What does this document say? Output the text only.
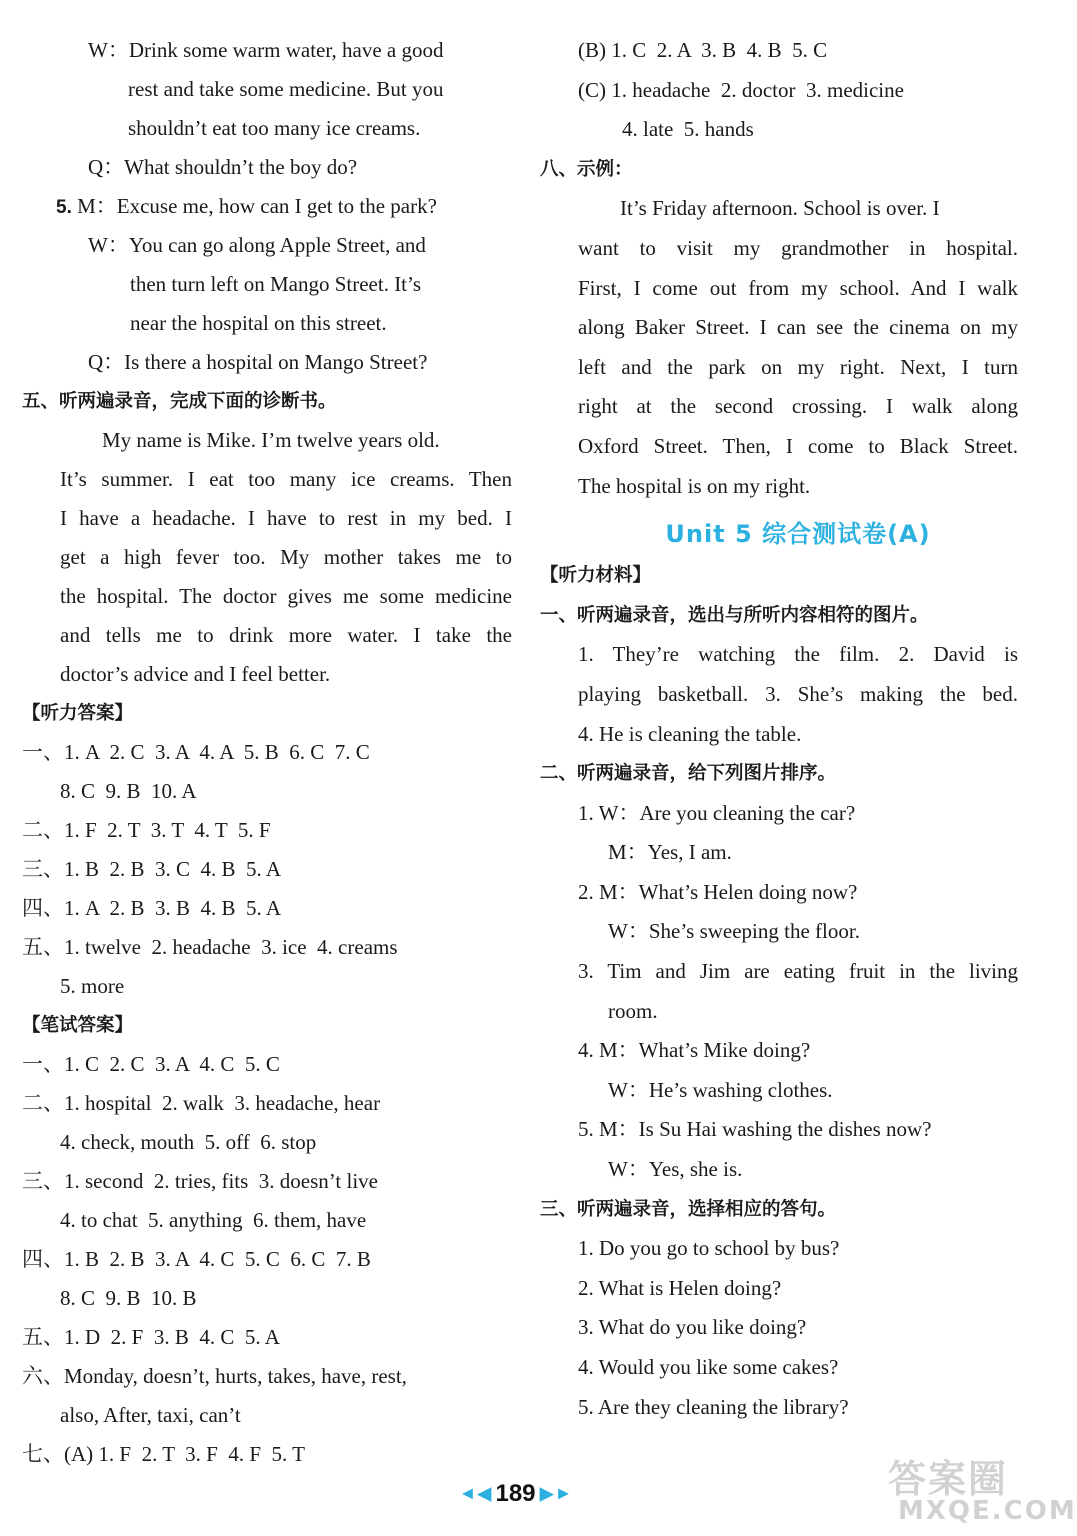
W：Drink some warm water, have a good
rest and take some medicine. But you
shouldn’t eat too many ice creams.
Q：What shouldn’t the boy do?
5. M：Excuse me, how can I get to the park?
W：You can go along Apple Street, and
then turn left on Mango Street. It’s
near the hospital on this street.
Q：Is there a hospital on Mango Street?
五、听两遍录音，完成下面的诊断书。
My name is Mike. I’m twelve years old.
It’s summer. I eat too many ice creams. Then
I have a headache. I have to rest in my bed. I
get a high fever too. My mother takes me to
the hospital. The doctor gives me some medicine
and tells me to drink more water. I take the
doctor’s advice and I feel better.
【听力答案】
一、1. A  2. C  3. A  4. A  5. B  6. C  7. C
8. C  9. B  10. A
二、1. F  2. T  3. T  4. T  5. F
三、1. B  2. B  3. C  4. B  5. A
四、1. A  2. B  3. B  4. B  5. A
五、1. twelve  2. headache  3. ice  4. creams
5. more
【笔试答案】
一、1. C  2. C  3. A  4. C  5. C
二、1. hospital  2. walk  3. headache, hear
4. check, mouth  5. off  6. stop
三、1. second  2. tries, fits  3. doesn’t live
4. to chat  5. anything  6. them, have
四、1. B  2. B  3. A  4. C  5. C  6. C  7. B
8. C  9. B  10. B
五、1. D  2. F  3. B  4. C  5. A
六、Monday, doesn’t, hurts, takes, have, rest,
also, After, taxi, can’t
七、(A) 1. F  2. T  3. F  4. F  5. T
(B) 1. C  2. A  3. B  4. B  5. C
(C) 1. headache  2. doctor  3. medicine
4. late  5. hands
八、示例：
It’s Friday afternoon. School is over. I
want to visit my grandmother in hospital.
First, I come out from my school. And I walk
along Baker Street. I can see the cinema on my
left and the park on my right. Next, I turn
right at the second crossing. I walk along
Oxford Street. Then, I come to Black Street.
The hospital is on my right.
Unit 5 综合测试卷(A)
【听力材料】
一、听两遍录音，选出与所听内容相符的图片。
1. They’re watching the film. 2. David is
playing basketball. 3. She’s making the bed.
4. He is cleaning the table.
二、听两遍录音，给下列图片排序。
1. W：Are you cleaning the car?
M：Yes, I am.
2. M：What’s Helen doing now?
W：She’s sweeping the floor.
3. Tim and Jim are eating fruit in the living
room.
4. M：What’s Mike doing?
W：He’s washing clothes.
5. M：Is Su Hai washing the dishes now?
W：Yes, she is.
三、听两遍录音，选择相应的答句。
1. Do you go to school by bus?
2. What is Helen doing?
3. What do you like doing?
4. Would you like some cakes?
5. Are they cleaning the library?
◀ ◀ 189 ▶ ▶	答案圈
MXQE.COM
